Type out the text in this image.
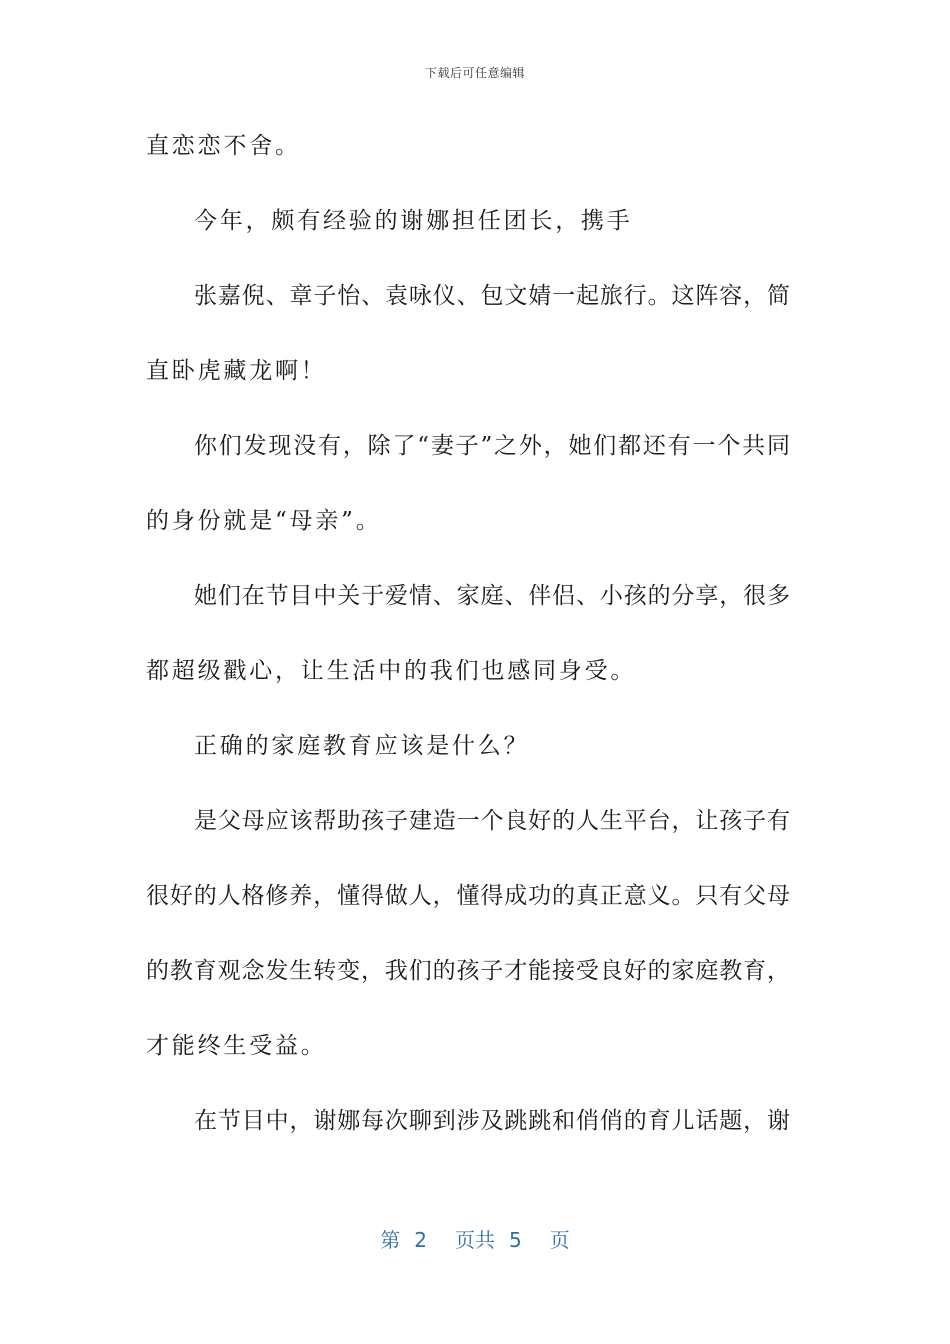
下载后可任意编辑
直恋恋不舍。
今年，颇有经验的谢娜担任团长，携手
张嘉倪、章子怡、袁咏仪、包文婧一起旅行。这阵容，简
直卧虎藏龙啊！
你们发现没有，除了“妻子”之外，她们都还有一个共同
的身份就是“母亲”。
她们在节目中关于爱情、家庭、伴侣、小孩的分享，很多
都超级戳心，让生活中的我们也感同身受。
正确的家庭教育应该是什么？
是父母应该帮助孩子建造一个良好的人生平台，让孩子有
很好的人格修养，懂得做人，懂得成功的真正意义。只有父母
的教育观念发生转变，我们的孩子才能接受良好的家庭教育，
才能终生受益。
在节目中，谢娜每次聊到涉及跳跳和俏俏的育儿话题，谢
第 2 页共 5 页
